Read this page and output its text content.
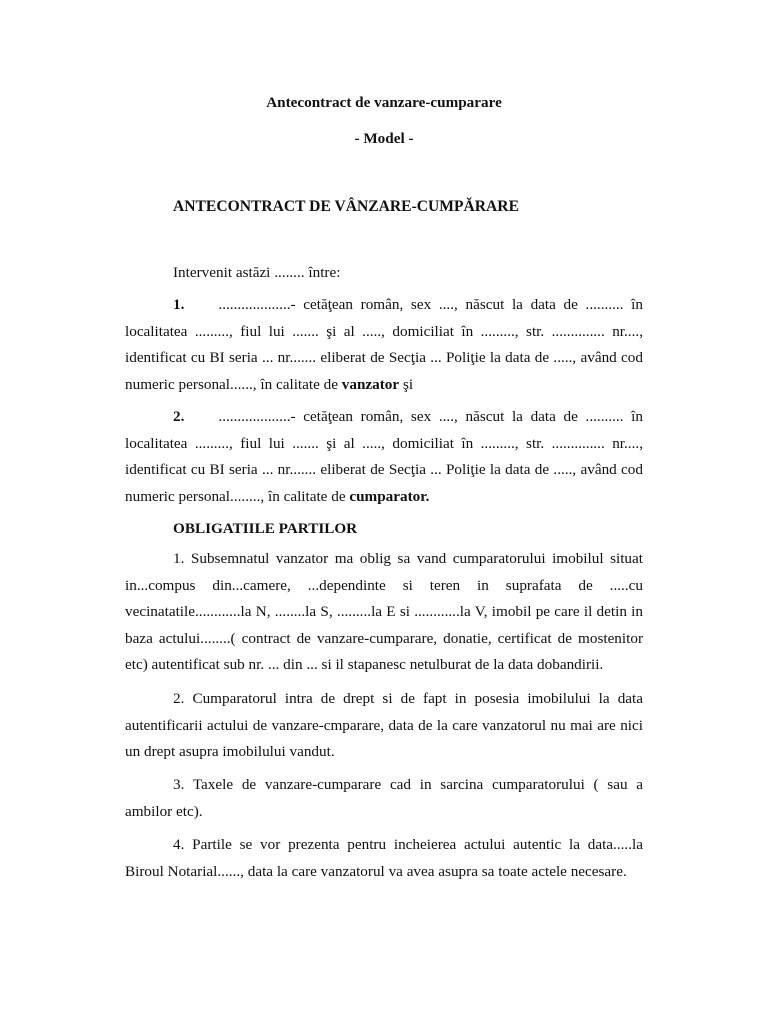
Antecontract de vanzare-cumparare

- Model -

ANTECONTRACT DE VÂNZARE-CUMPĂRARE

Intervenit astăzi ........ între:

1. ...................- cetăţean român, sex ...., născut la data de .......... în localitatea ........., fiul lui ....... şi al ....., domiciliat în ........., str. .............. nr...., identificat cu BI seria ... nr....... eliberat de Secţia ... Poliţie la data de ....., având cod numeric personal......, în calitate de vanzator şi

2. ...................- cetăţean român, sex ...., născut la data de .......... în localitatea ........., fiul lui ....... şi al ....., domiciliat în ........., str. .............. nr...., identificat cu BI seria ... nr....... eliberat de Secţia ... Poliţie la data de ....., având cod numeric personal........, în calitate de cumparator.

OBLIGATIILE PARTILOR

1. Subsemnatul vanzator ma oblig sa vand cumparatorului imobilul situat in...compus din...camere, ...dependinte si teren in suprafata de .....cu vecinatatile............la N, ........la S, .........la E si ............la V, imobil pe care il detin in baza actului........( contract de vanzare-cumparare, donatie, certificat de mostenitor etc) autentificat sub nr. ... din ... si il stapanesc netulburat de la data dobandirii.

2. Cumparatorul intra de drept si de fapt in posesia imobilului la data autentificarii actului de vanzare-cmparare, data de la care vanzatorul nu mai are nici un drept asupra imobilului vandut.

3. Taxele de vanzare-cumparare cad in sarcina cumparatorului ( sau a ambilor etc).

4. Partile se vor prezenta pentru incheierea actului autentic la data.....la Biroul Notarial......, data la care vanzatorul va avea asupra sa toate actele necesare.
